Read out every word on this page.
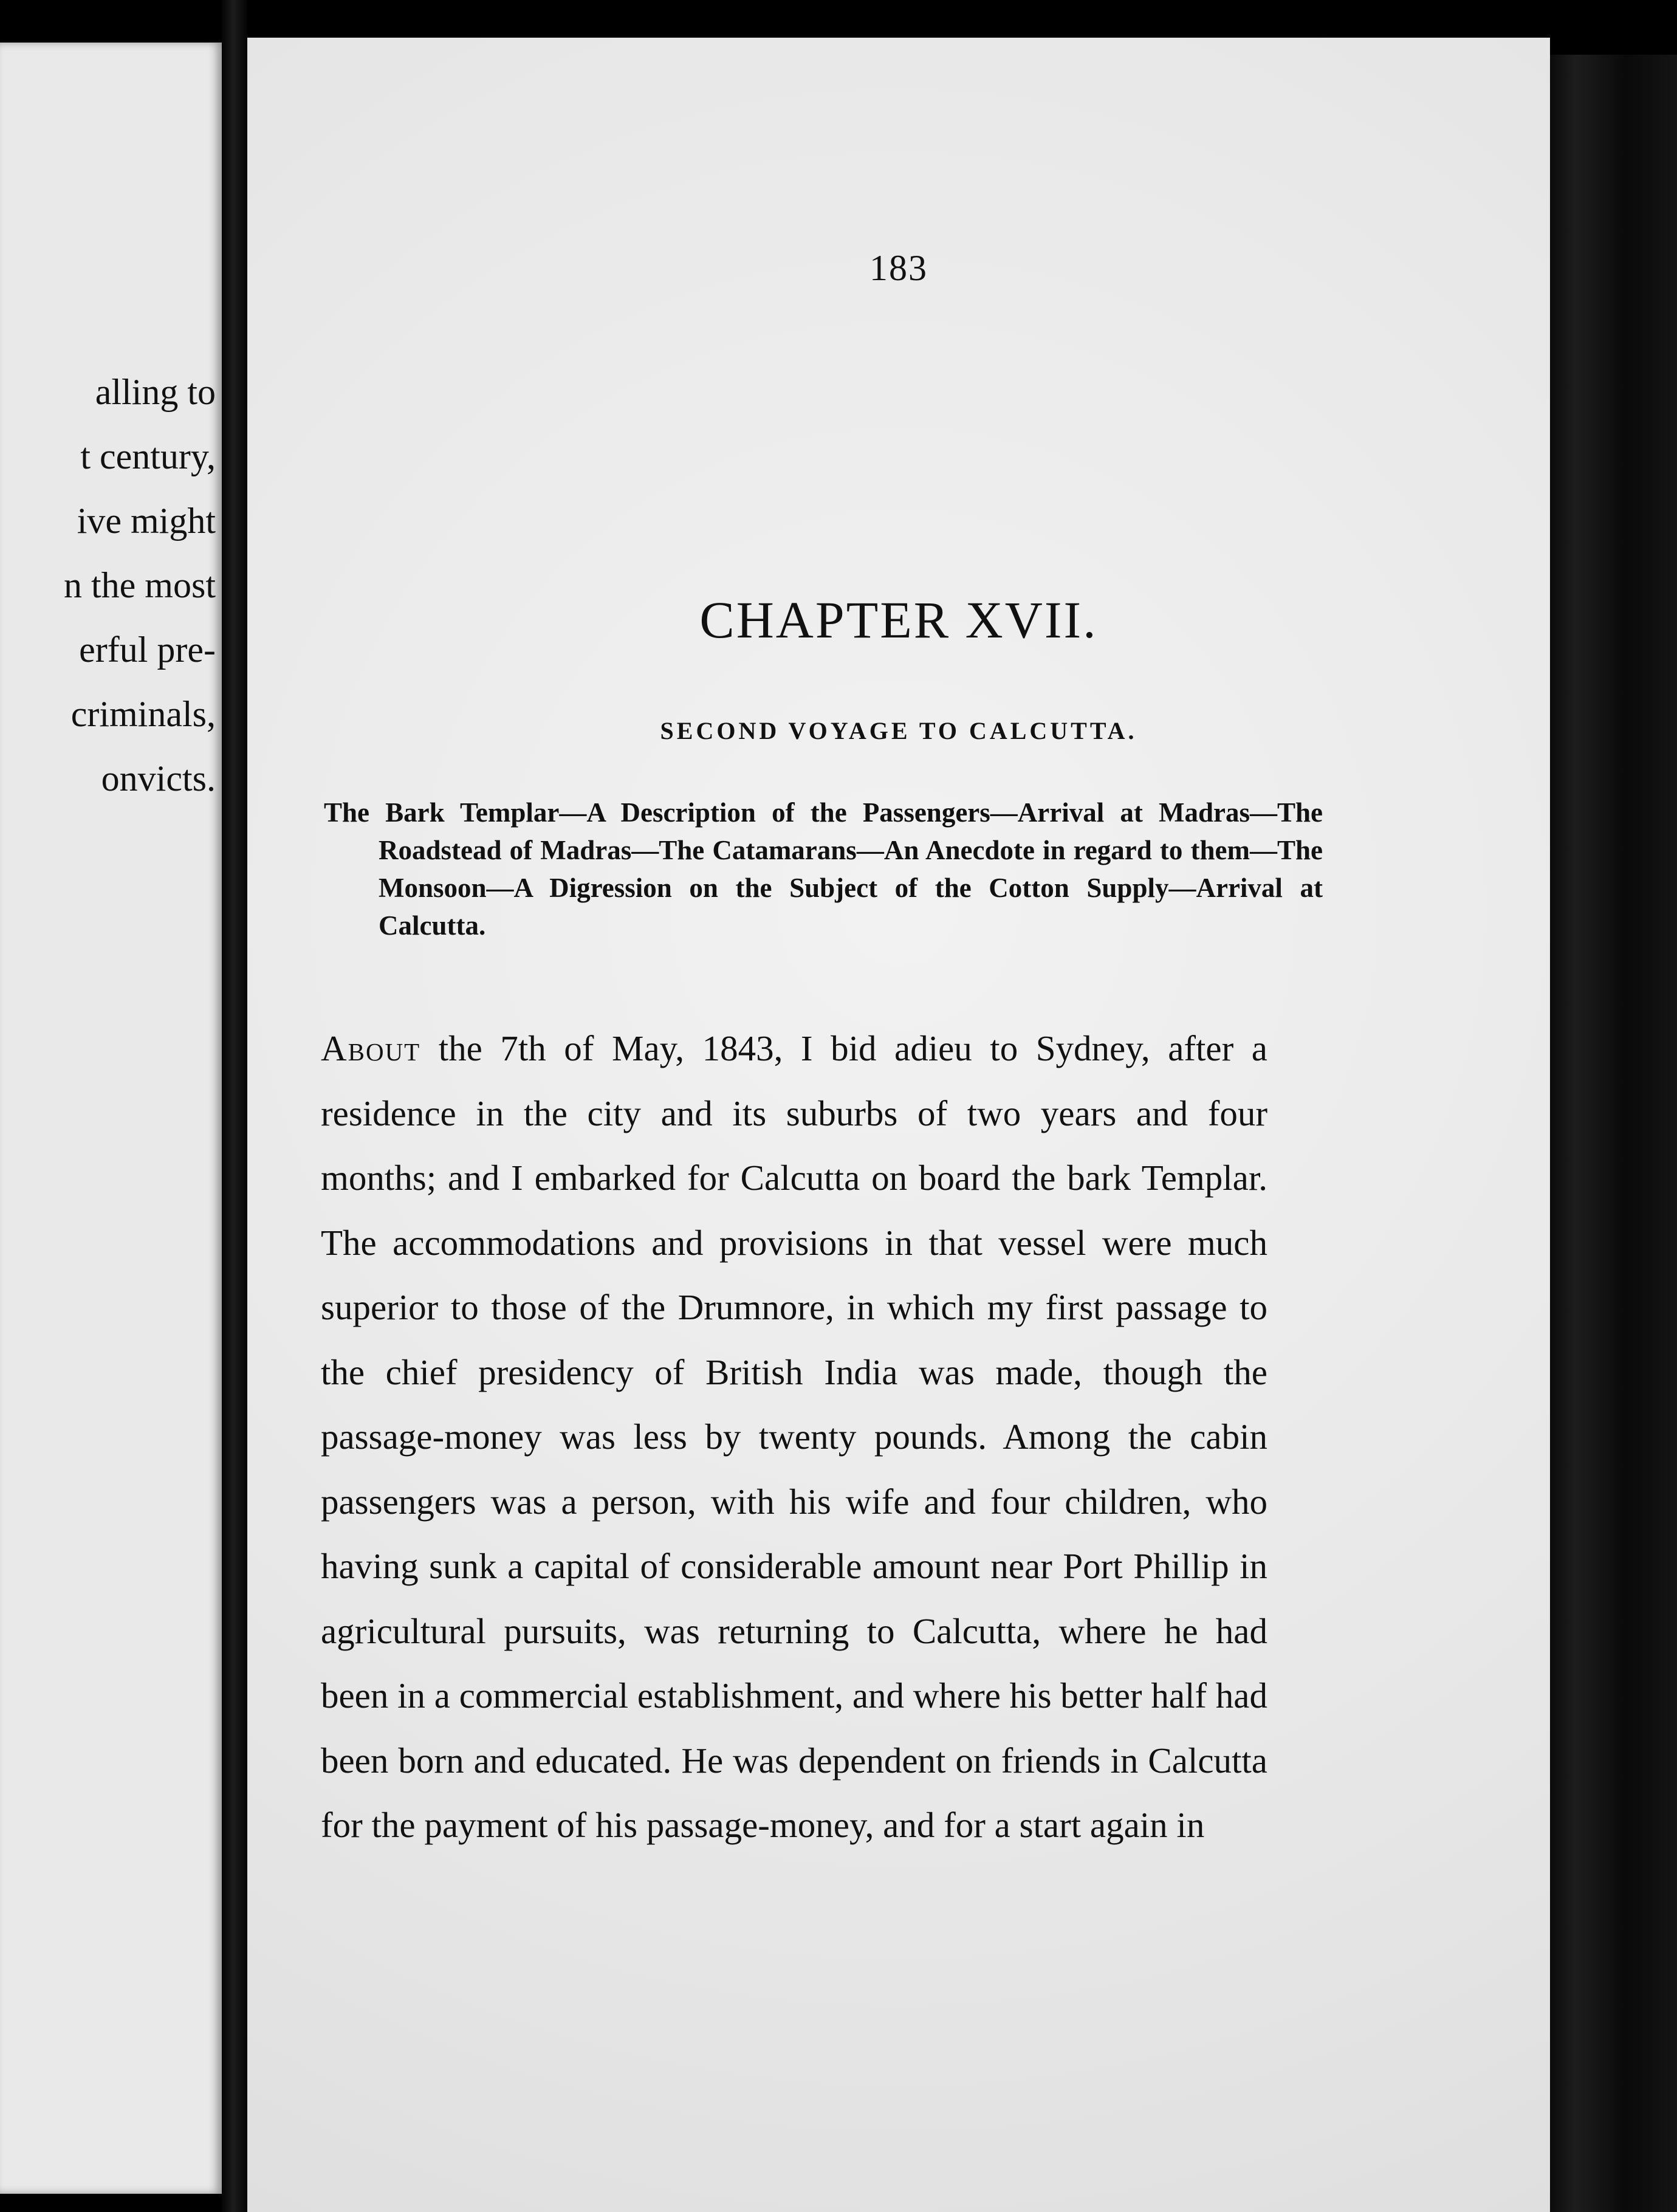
alling to
t century,
ive might
n the most
erful pre-
criminals,
onvicts.
183
CHAPTER XVII.
SECOND VOYAGE TO CALCUTTA.
The Bark Templar—A Description of the Passengers—Arrival at Madras—The Roadstead of Madras—The Catamarans—An Anecdote in regard to them—The Monsoon—A Digression on the Subject of the Cotton Supply—Arrival at Calcutta.

About the 7th of May, 1843, I bid adieu to Sydney, after a residence in the city and its suburbs of two years and four months; and I embarked for Calcutta on board the bark Templar. The accommodations and provisions in that vessel were much superior to those of the Drumnore, in which my first passage to the chief presidency of British India was made, though the passage-money was less by twenty pounds. Among the cabin passengers was a person, with his wife and four children, who having sunk a capital of considerable amount near Port Phillip in agricultural pursuits, was returning to Calcutta, where he had been in a commercial establishment, and where his better half had been born and educated. He was dependent on friends in Calcutta for the payment of his passage-money, and for a start again in
